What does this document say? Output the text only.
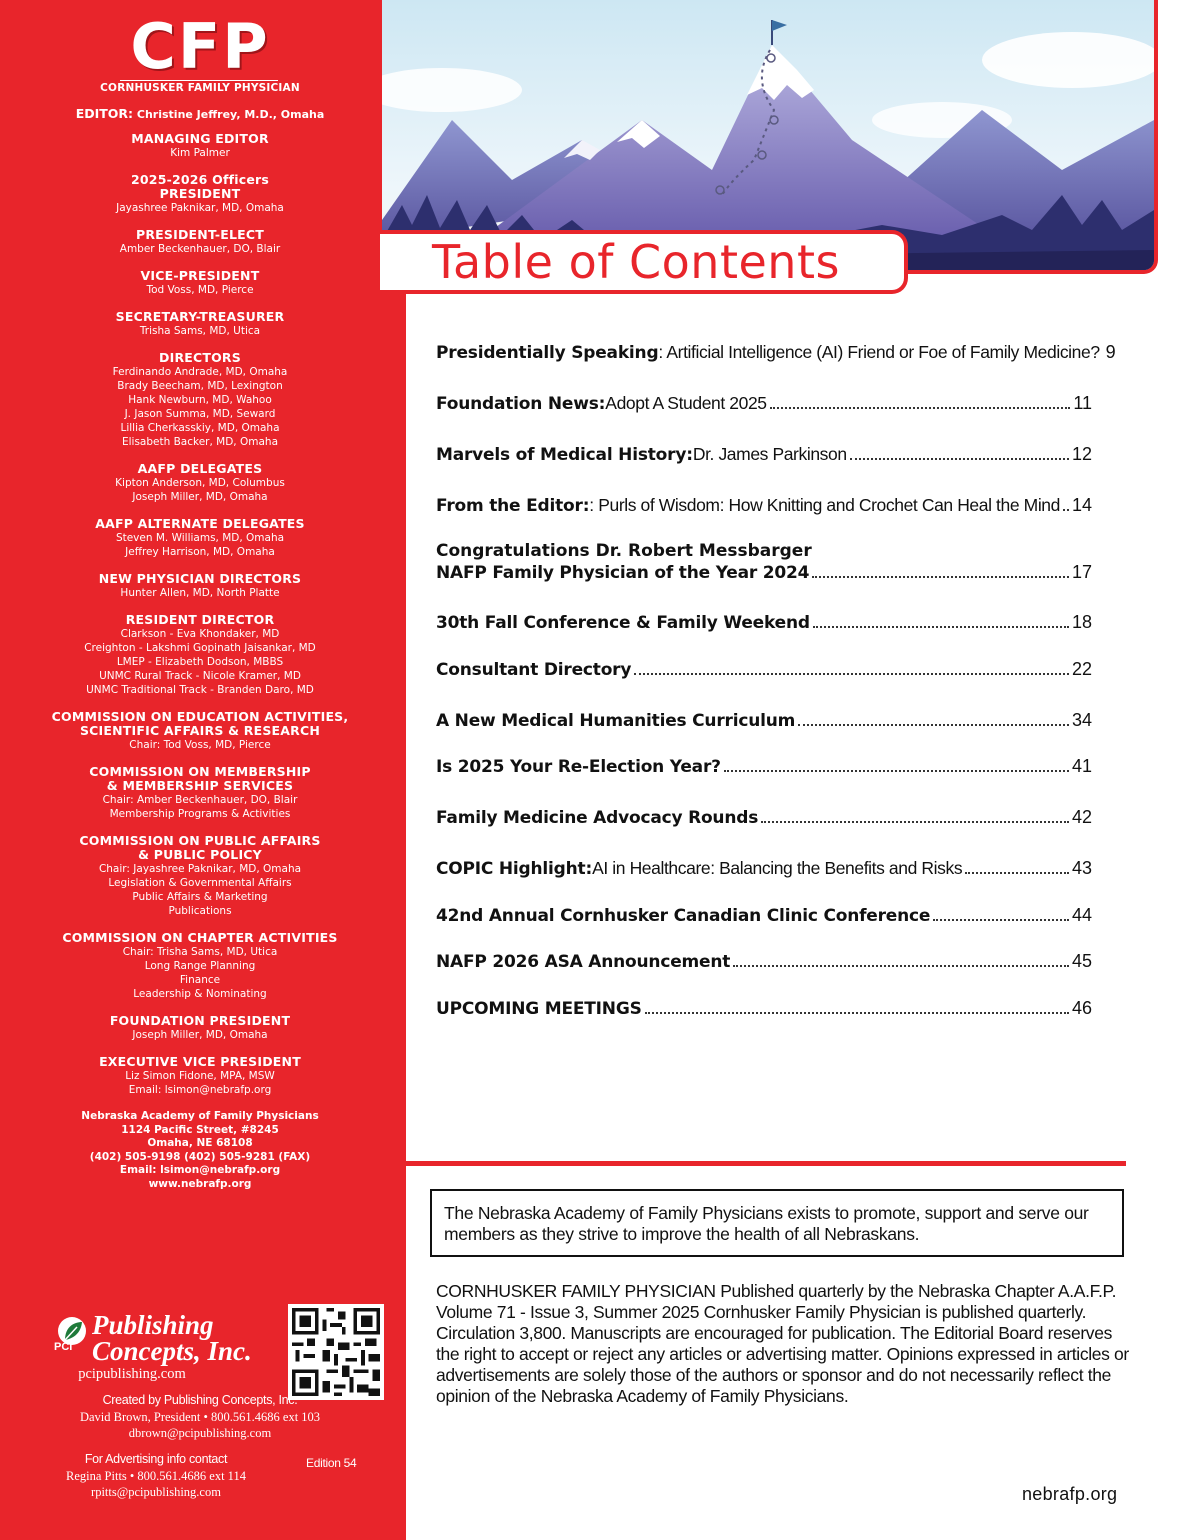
CFP
CORNHUSKER FAMILY PHYSICIAN
EDITOR: Christine Jeffrey, M.D., Omaha
MANAGING EDITOR
Kim Palmer
2025-2026 Officers
PRESIDENT
Jayashree Paknikar, MD, Omaha
PRESIDENT-ELECT
Amber Beckenhauer, DO, Blair
VICE-PRESIDENT
Tod Voss, MD, Pierce
SECRETARY-TREASURER
Trisha Sams, MD, Utica
DIRECTORS
Ferdinando Andrade, MD, Omaha
Brady Beecham, MD, Lexington
Hank Newburn, MD, Wahoo
J. Jason Summa, MD, Seward
Lillia Cherkasskiy, MD, Omaha
Elisabeth Backer, MD, Omaha
AAFP DELEGATES
Kipton Anderson, MD, Columbus
Joseph Miller, MD, Omaha
AAFP ALTERNATE DELEGATES
Steven M. Williams, MD, Omaha
Jeffrey Harrison, MD, Omaha
NEW PHYSICIAN DIRECTORS
Hunter Allen, MD, North Platte
RESIDENT DIRECTOR
Clarkson - Eva Khondaker, MD
Creighton - Lakshmi Gopinath Jaisankar, MD
LMEP - Elizabeth Dodson, MBBS
UNMC Rural Track - Nicole Kramer, MD
UNMC Traditional Track - Branden Daro, MD
COMMISSION ON EDUCATION ACTIVITIES,
SCIENTIFIC AFFAIRS & RESEARCH
Chair: Tod Voss, MD, Pierce
COMMISSION ON MEMBERSHIP
& MEMBERSHIP SERVICES
Chair: Amber Beckenhauer, DO, Blair
Membership Programs & Activities
COMMISSION ON PUBLIC AFFAIRS
& PUBLIC POLICY
Chair: Jayashree Paknikar, MD, Omaha
Legislation & Governmental Affairs
Public Affairs & Marketing
Publications
COMMISSION ON CHAPTER ACTIVITIES
Chair: Trisha Sams, MD, Utica
Long Range Planning
Finance
Leadership & Nominating
FOUNDATION PRESIDENT
Joseph Miller, MD, Omaha
EXECUTIVE VICE PRESIDENT
Liz Simon Fidone, MPA, MSW
Email: lsimon@nebrafp.org
Nebraska Academy of Family Physicians
1124 Pacific Street, #8245
Omaha, NE 68108
(402) 505-9198 (402) 505-9281 (FAX)
Email: lsimon@nebrafp.org
www.nebrafp.org
Publishing
PCI Concepts, Inc.
pcipublishing.com
Created by Publishing Concepts, Inc.
David Brown, President • 800.561.4686 ext 103
dbrown@pcipublishing.com
For Advertising info contact
Regina Pitts • 800.561.4686 ext 114
rpitts@pcipublishing.com
Edition 54
Table of Contents
Presidentially Speaking : Artificial Intelligence (AI) Friend or Foe of Family Medicine? 9
Foundation News: Adopt A Student 2025	11
Marvels of Medical History: Dr. James Parkinson	12
From the Editor: : Purls of Wisdom: How Knitting and Crochet Can Heal the Mind 14
Congratulations Dr. Robert Messbarger
NAFP Family Physician of the Year 2024	17
30th Fall Conference & Family Weekend	18
Consultant Directory	22
A New Medical Humanities Curriculum	34
Is 2025 Your Re-Election Year?	41
Family Medicine Advocacy Rounds	42
COPIC Highlight: AI in Healthcare: Balancing the Benefits and Risks	43
42nd Annual Cornhusker Canadian Clinic Conference	44
NAFP 2026 ASA Announcement	45
UPCOMING MEETINGS	46
The Nebraska Academy of Family Physicians exists to promote, support and serve our members as they strive to improve the health of all Nebraskans.
CORNHUSKER FAMILY PHYSICIAN Published quarterly by the Nebraska Chapter A.A.F.P. Volume 71 - Issue 3, Summer 2025 Cornhusker Family Physician is published quarterly. Circulation 3,800. Manuscripts are encouraged for publication. The Editorial Board reserves the right to accept or reject any articles or advertising matter. Opinions expressed in articles or advertisements are solely those of the authors or sponsor and do not necessarily reflect the opinion of the Nebraska Academy of Family Physicians.
nebrafp.org
